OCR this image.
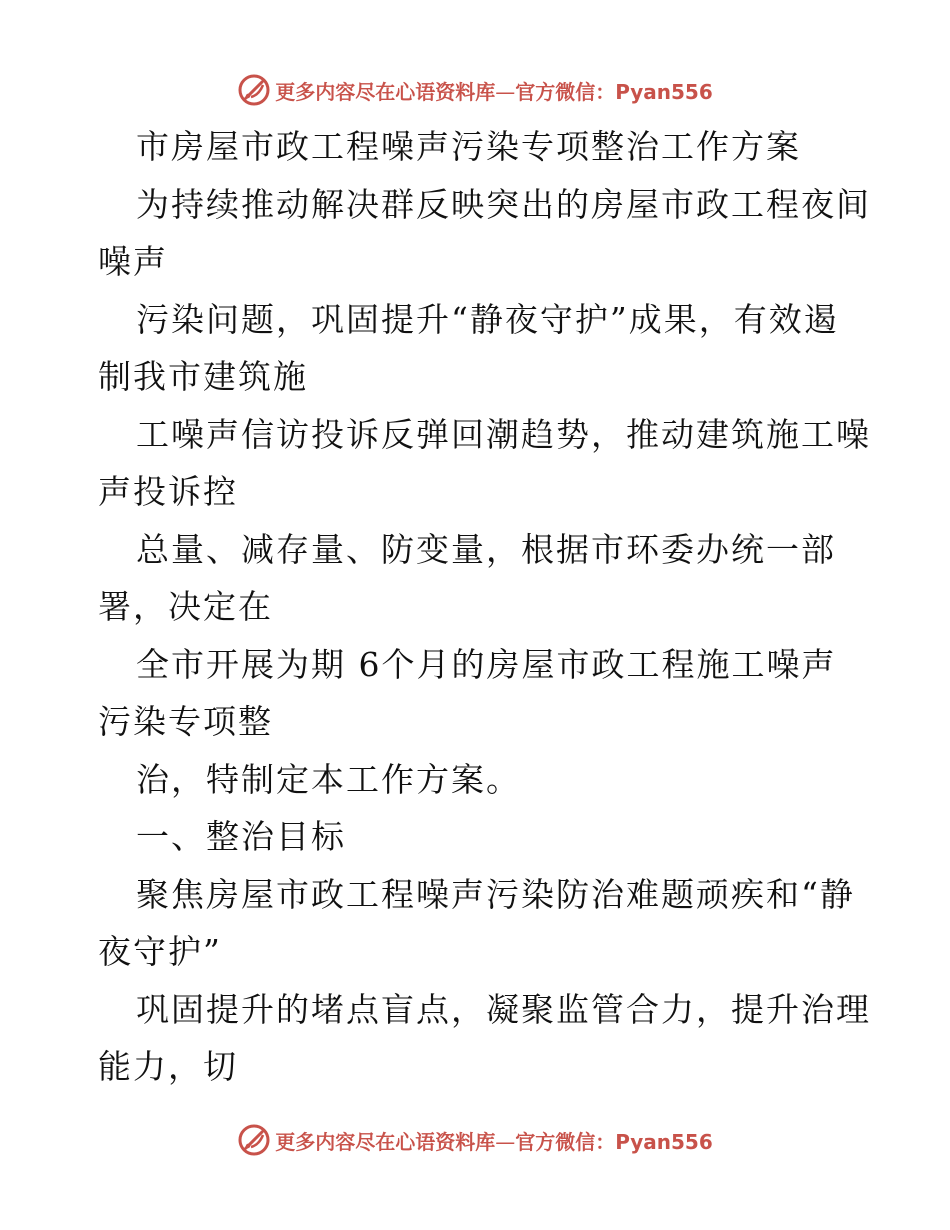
更多内容尽在心语资料库—官方微信：Pyan556
市房屋市政工程噪声污染专项整治工作方案
为持续推动解决群反映突出的房屋市政工程夜间
噪声
污染问题，巩固提升“静夜守护”成果，有效遏
制我市建筑施
工噪声信访投诉反弹回潮趋势，推动建筑施工噪
声投诉控
总量、减存量、防变量，根据市环委办统一部
署，决定在
全市开展为期 6个月的房屋市政工程施工噪声
污染专项整
治，特制定本工作方案。
一、整治目标
聚焦房屋市政工程噪声污染防治难题顽疾和“静
夜守护”
巩固提升的堵点盲点，凝聚监管合力，提升治理
能力，切
更多内容尽在心语资料库—官方微信：Pyan556
